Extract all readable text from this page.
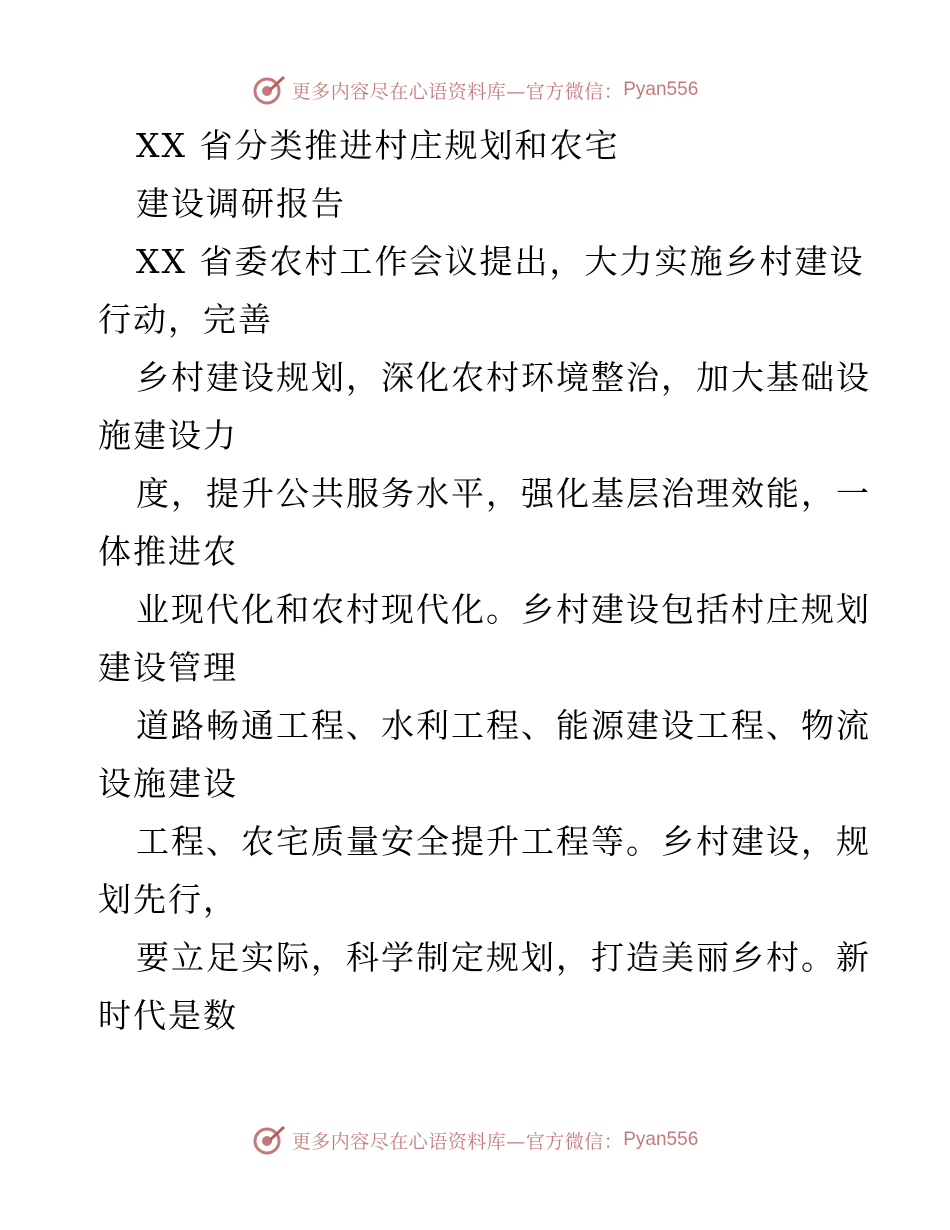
更多内容尽在心语资料库—官方微信： Pyan556
XX 省分类推进村庄规划和农宅
建设调研报告
XX 省委农村工作会议提出，大力实施乡村建设
行动，完善
乡村建设规划，深化农村环境整治，加大基础设
施建设力
度，提升公共服务水平，强化基层治理效能，一
体推进农
业现代化和农村现代化。乡村建设包括村庄规划
建设管理
道路畅通工程、水利工程、能源建设工程、物流
设施建设
工程、农宅质量安全提升工程等。乡村建设，规
划先行，
要立足实际，科学制定规划，打造美丽乡村。新
时代是数
更多内容尽在心语资料库—官方微信： Pyan556
